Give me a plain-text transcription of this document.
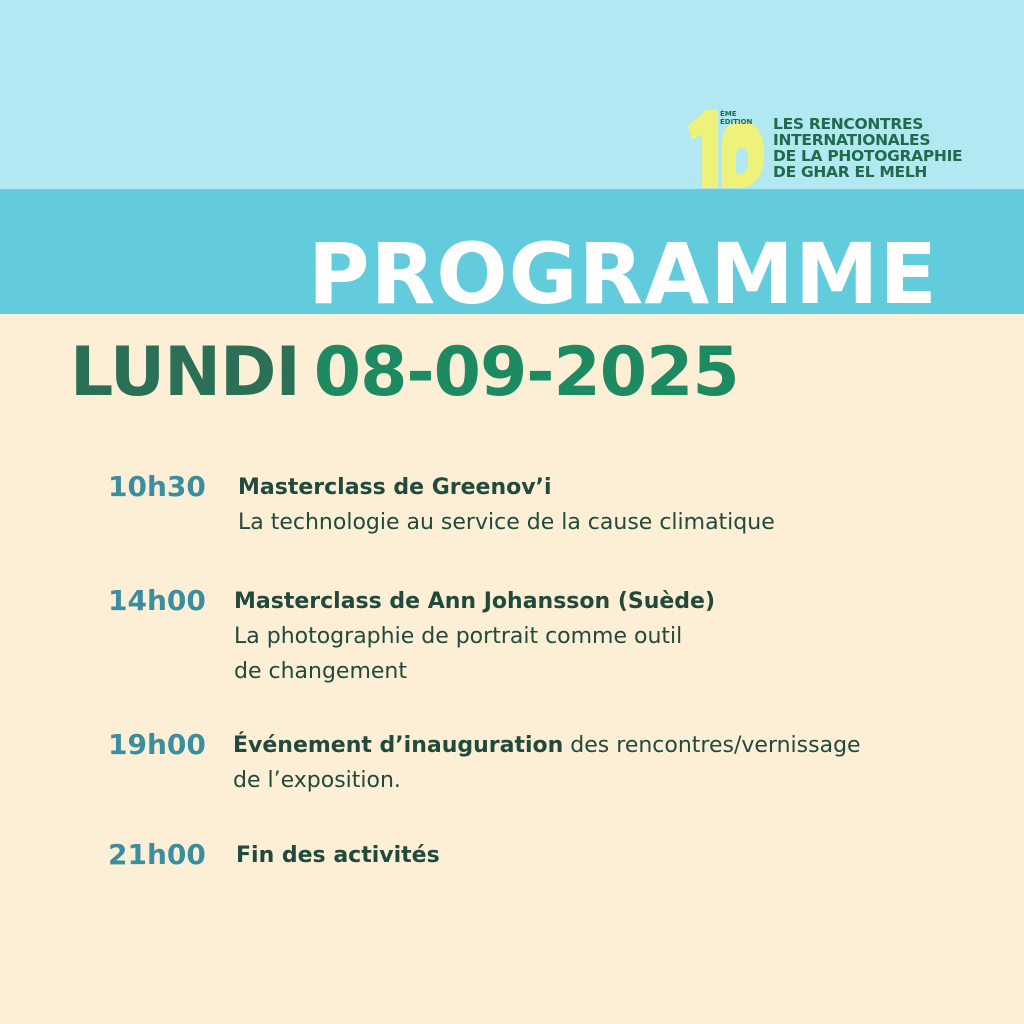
ÈME
ÉDITION LES RENCONTRES
INTERNATIONALES
DE LA PHOTOGRAPHIE
DE GHAR EL MELH
PROGRAMME
LUNDI 08-09-2025
10h30 Masterclass de Greenov’i
La technologie au service de la cause climatique
14h00 Masterclass de Ann Johansson (Suède)
La photographie de portrait comme outil
de changement
19h00 Événement d’inauguration des rencontres/vernissage
de l’exposition.
21h00 Fin des activités
